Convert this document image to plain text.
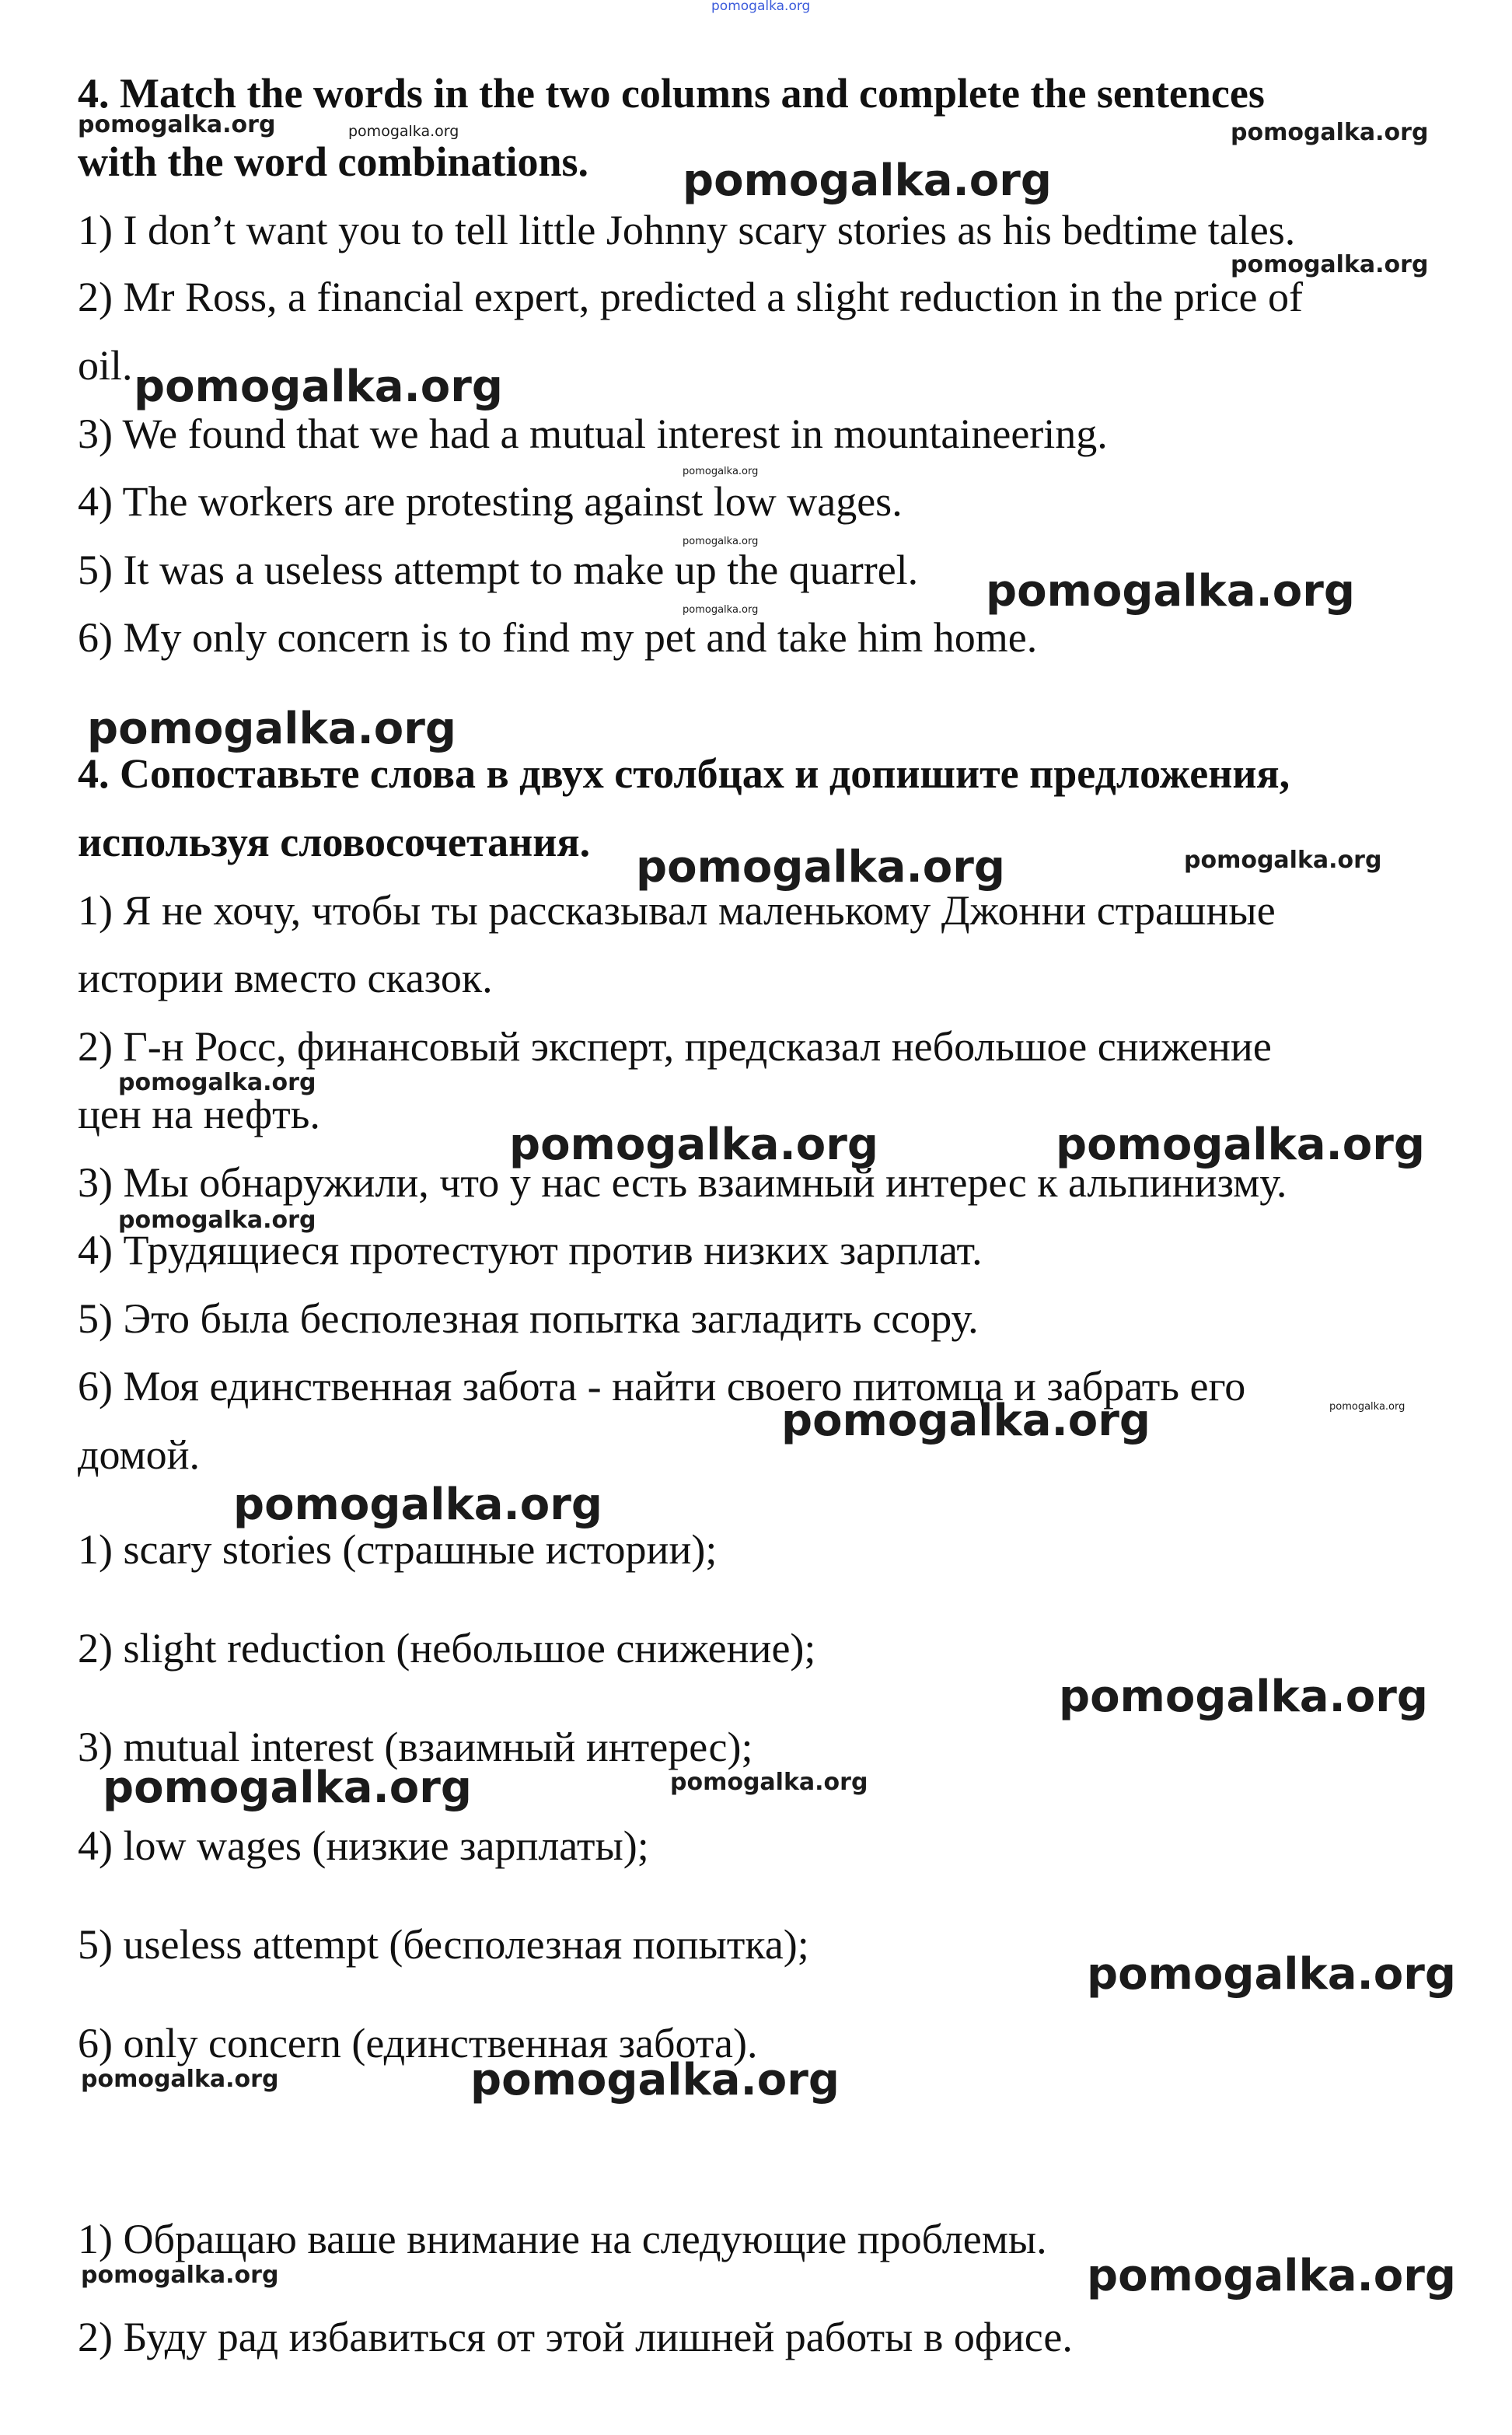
4. Match the words in the two columns and complete the sentences

with the word combinations.

1) I don’t want you to tell little Johnny scary stories as his bedtime tales.

2) Mr Ross, a financial expert, predicted a slight reduction in the price of

oil.

3) We found that we had a mutual interest in mountaineering.

4) The workers are protesting against low wages.

5) It was a useless attempt to make up the quarrel.

6) My only concern is to find my pet and take him home.

4. Сопоставьте слова в двух столбцах и допишите предложения,

используя словосочетания.

1) Я не хочу, чтобы ты рассказывал маленькому Джонни страшные

истории вместо сказок.

2) Г-н Росс, финансовый эксперт, предсказал небольшое снижение

цен на нефть.

3) Мы обнаружили, что у нас есть взаимный интерес к альпинизму.

4) Трудящиеся протестуют против низких зарплат.

5) Это была бесполезная попытка загладить ссору.

6) Моя единственная забота - найти своего питомца и забрать его

домой.

1) scary stories (страшные истории);

2) slight reduction (небольшое снижение);

3) mutual interest (взаимный интерес);

4) low wages (низкие зарплаты);

5) useless attempt (бесполезная попытка);

6) only concern (единственная забота).

1) Обращаю ваше внимание на следующие проблемы.

2) Буду рад избавиться от этой лишней работы в офисе.

pomogalka.org
pomogalka.org	pomogalka.org	pomogalka.org
pomogalka.org
pomogalka.org
pomogalka.org
pomogalka.org
pomogalka.org
pomogalka.org	pomogalka.org
pomogalka.org
pomogalka.org	pomogalka.org
pomogalka.org
pomogalka.org	pomogalka.org
pomogalka.org
pomogalka.org
pomogalka.org
pomogalka.org
pomogalka.org
pomogalka.org	pomogalka.org
pomogalka.org
pomogalka.org	pomogalka.org
pomogalka.org	pomogalka.org
